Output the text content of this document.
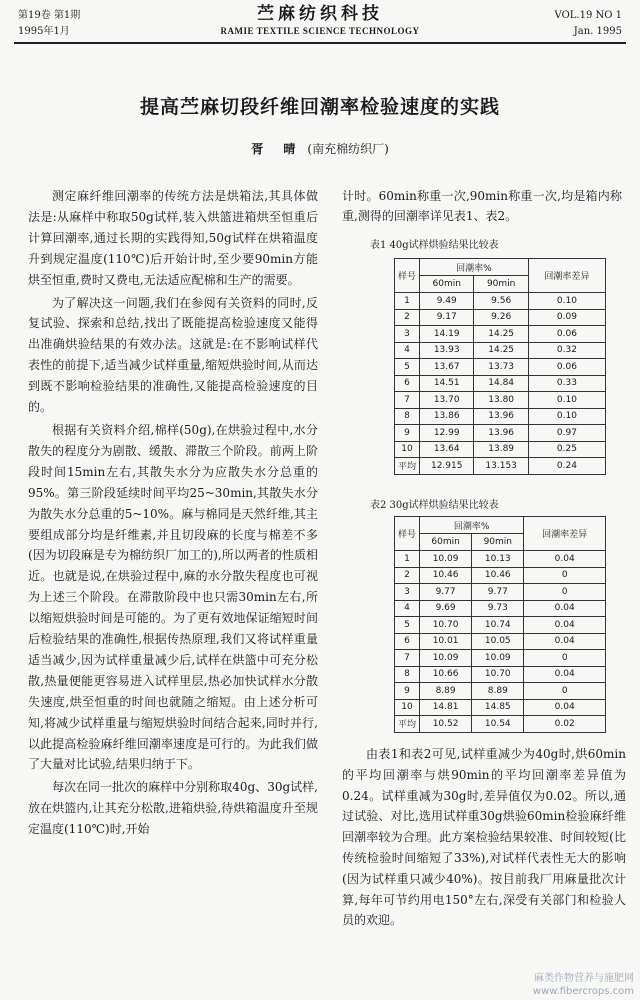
第19卷 第1期
1995年1月
苎麻纺织科技
RAMIE TEXTILE SCIENCE TECHNOLOGY
VOL.19 NO 1
Jan. 1995
提高苎麻切段纤维回潮率检验速度的实践
胥 晴 (南充棉纺织厂)

测定麻纤维回潮率的传统方法是烘箱法,其具体做法是:从麻样中称取50g试样,装入烘篮进箱烘至恒重后计算回潮率,通过长期的实践得知,50g试样在烘箱温度升到规定温度(110℃)后开始计时,至少要90min方能烘至恒重,费时又费电,无法适应配棉和生产的需要。

为了解决这一问题,我们在参阅有关资料的同时,反复试验、探索和总结,找出了既能提高检验速度又能得出准确烘验结果的有效办法。这就是:在不影响试样代表性的前提下,适当减少试样重量,缩短烘验时间,从而达到既不影响检验结果的准确性,又能提高检验速度的目的。

根据有关资料介绍,棉样(50g),在烘验过程中,水分散失的程度分为剧散、缓散、滞散三个阶段。前两上阶段时间15min左右,其散失水分为应散失水分总重的95%。第三阶段延续时间平均25~30min,其散失水分为散失水分总重的5~10%。麻与棉同是天然纤维,其主要组成部分均是纤维素,并且切段麻的长度与棉差不多(因为切段麻是专为棉纺织厂加工的),所以两者的性质相近。也就是说,在烘验过程中,麻的水分散失程度也可视为上述三个阶段。在滞散阶段中也只需30min左右,所以缩短烘验时间是可能的。为了更有效地保证缩短时间后检验结果的准确性,根据传热原理,我们又将试样重量适当减少,因为试样重量减少后,试样在烘篮中可充分松散,热量便能更容易进入试样里层,热必加快试样水分散失速度,烘至恒重的时间也就随之缩短。由上述分析可知,将减少试样重量与缩短烘验时间结合起来,同时并行,以此提高检验麻纤维回潮率速度是可行的。为此我们做了大量对比试验,结果归纳于下。

每次在同一批次的麻样中分别称取40g、30g试样,放在烘篮内,让其充分松散,进箱烘验,待烘箱温度升至规定温度(110℃)时,开始

计时。60min称重一次,90min称重一次,均是箱内称重,测得的回潮率详见表1、表2。

表1 40g试样烘验结果比较表
样号	回潮率%		回潮率差异
	60min	90min	
1	9.49	9.56	0.10
2	9.17	9.26	0.09
3	14.19	14.25	0.06
4	13.93	14.25	0.32
5	13.67	13.73	0.06
6	14.51	14.84	0.33
7	13.70	13.80	0.10
8	13.86	13.96	0.10
9	12.99	13.96	0.97
10	13.64	13.89	0.25
平均	12.915	13.153	0.24
表2 30g试样烘验结果比较表
样号	回潮率%		回潮率差异
	60min	90min	
1	10.09	10.13	0.04
2	10.46	10.46	0
3	9.77	9.77	0
4	9.69	9.73	0.04
5	10.70	10.74	0.04
6	10.01	10.05	0.04
7	10.09	10.09	0
8	10.66	10.70	0.04
9	8.89	8.89	0
10	14.81	14.85	0.04
平均	10.52	10.54	0.02

由表1和表2可见,试样重减少为40g时,烘60min的平均回潮率与烘90min的平均回潮率差异值为0.24。试样重减为30g时,差异值仅为0.02。所以,通过试验、对比,选用试样重30g烘验60min检验麻纤维回潮率较为合理。此方案检验结果较准、时间较短(比传统检验时间缩短了33%),对试样代表性无大的影响(因为试样重只减少40%)。按目前我厂用麻量批次计算,每年可节约用电150°左右,深受有关部门和检验人员的欢迎。

麻类作物营养与施肥网
www.fibercrops.com
